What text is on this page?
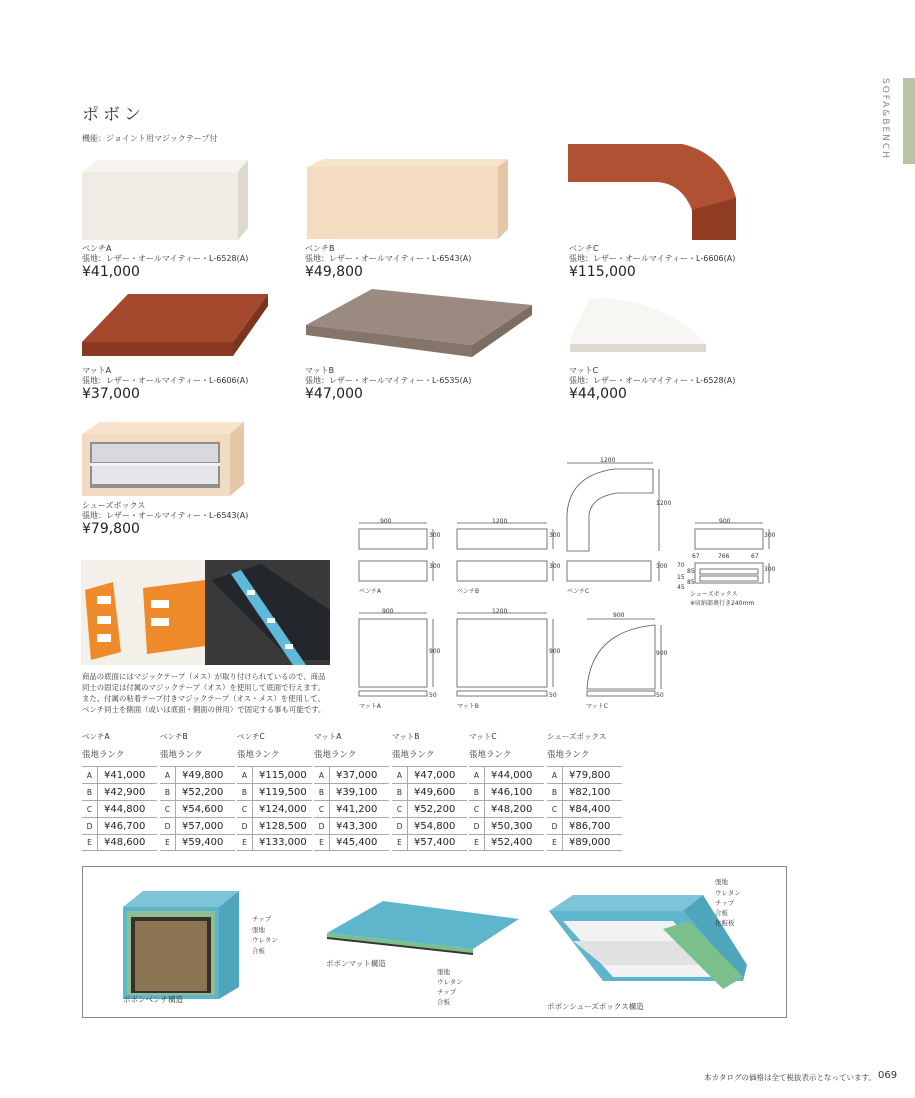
ポボン
機能：ジョイント用マジックテープ付	SOFA&BENCH
ベンチA
張地：レザー・オールマイティー・L-6528(A)
¥41,000
ベンチB
張地：レザー・オールマイティー・L-6543(A)
¥49,800
ベンチC
張地：レザー・オールマイティー・L-6606(A)
¥115,000
マットA
張地：レザー・オールマイティー・L-6606(A)
¥37,000
マットB
張地：レザー・オールマイティー・L-6535(A)
¥47,000
マットC
張地：レザー・オールマイティー・L-6528(A)
¥44,000
シューズボックス
張地：レザー・オールマイティー・L-6543(A)
¥79,800
商品の底面にはマジックテープ（メス）が取り付けられているので、商品同士の固定は付属のマジックテープ（オス）を使用して底面で行えます。また、付属の粘着テープ付きマジックテープ（オス・メス）を使用して、ベンチ同士を側面（或いは底面・側面の併用）で固定する事も可能です。
900
300
300
ベンチA
1200
300
300
ベンチB
1200
1200
300
ベンチC
900
300
300
67	766	67
70
85
15
85
45
シューズボックス
※収納部奥行き240mm
900
900
50
マットA
1200
900
50
マットB
900
900
50
マットC
ベンチA
張地ランク
A	¥41,000
B	¥42,900
C	¥44,800
D	¥46,700
E	¥48,600
ベンチB
張地ランク
A	¥49,800
B	¥52,200
C	¥54,600
D	¥57,000
E	¥59,400
ベンチC
張地ランク
A	¥115,000
B	¥119,500
C	¥124,000
D	¥128,500
E	¥133,000
マットA
張地ランク
A	¥37,000
B	¥39,100
C	¥41,200
D	¥43,300
E	¥45,400
マットB
張地ランク
A	¥47,000
B	¥49,600
C	¥52,200
D	¥54,800
E	¥57,400
マットC
張地ランク
A	¥44,000
B	¥46,100
C	¥48,200
D	¥50,300
E	¥52,400
シューズボックス
張地ランク
A	¥79,800
B	¥82,100
C	¥84,400
D	¥86,700
E	¥89,000
チップ
張地
ウレタン
合板
ポボンベンチ構造
ポボンマット構造
張地
ウレタン
チップ
合板
張地
ウレタン
チップ
合板
化粧板
ポボンシューズボックス構造
本カタログの価格は全て税抜表示となっています。 069
